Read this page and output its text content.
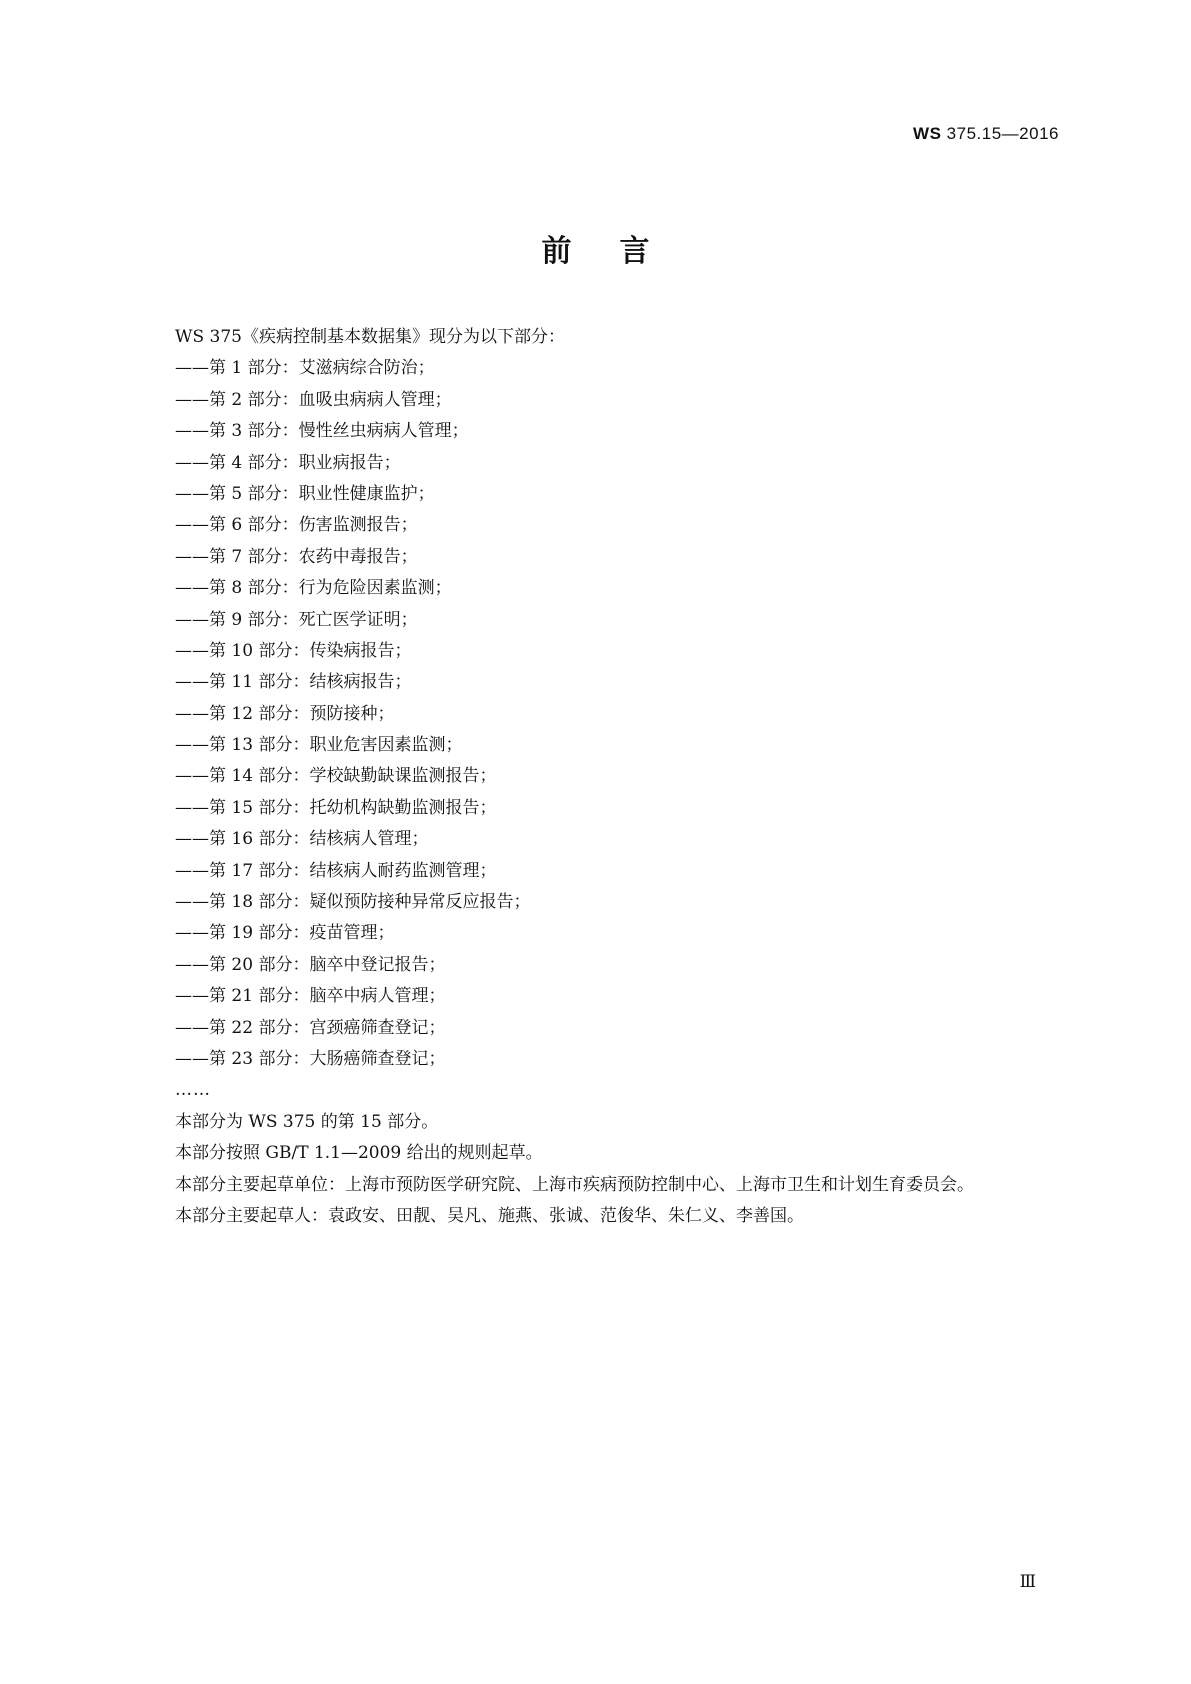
WS 375.15—2016
前言
WS 375《疾病控制基本数据集》现分为以下部分：
——第 1 部分：艾滋病综合防治；
——第 2 部分：血吸虫病病人管理；
——第 3 部分：慢性丝虫病病人管理；
——第 4 部分：职业病报告；
——第 5 部分：职业性健康监护；
——第 6 部分：伤害监测报告；
——第 7 部分：农药中毒报告；
——第 8 部分：行为危险因素监测；
——第 9 部分：死亡医学证明；
——第 10 部分：传染病报告；
——第 11 部分：结核病报告；
——第 12 部分：预防接种；
——第 13 部分：职业危害因素监测；
——第 14 部分：学校缺勤缺课监测报告；
——第 15 部分：托幼机构缺勤监测报告；
——第 16 部分：结核病人管理；
——第 17 部分：结核病人耐药监测管理；
——第 18 部分：疑似预防接种异常反应报告；
——第 19 部分：疫苗管理；
——第 20 部分：脑卒中登记报告；
——第 21 部分：脑卒中病人管理；
——第 22 部分：宫颈癌筛查登记；
——第 23 部分：大肠癌筛查登记；
……
本部分为 WS 375 的第 15 部分。
本部分按照 GB/T 1.1—2009 给出的规则起草。
本部分主要起草单位：上海市预防医学研究院、上海市疾病预防控制中心、上海市卫生和计划生育委员会。
本部分主要起草人：袁政安、田靓、吴凡、施燕、张诚、范俊华、朱仁义、李善国。
Ⅲ
